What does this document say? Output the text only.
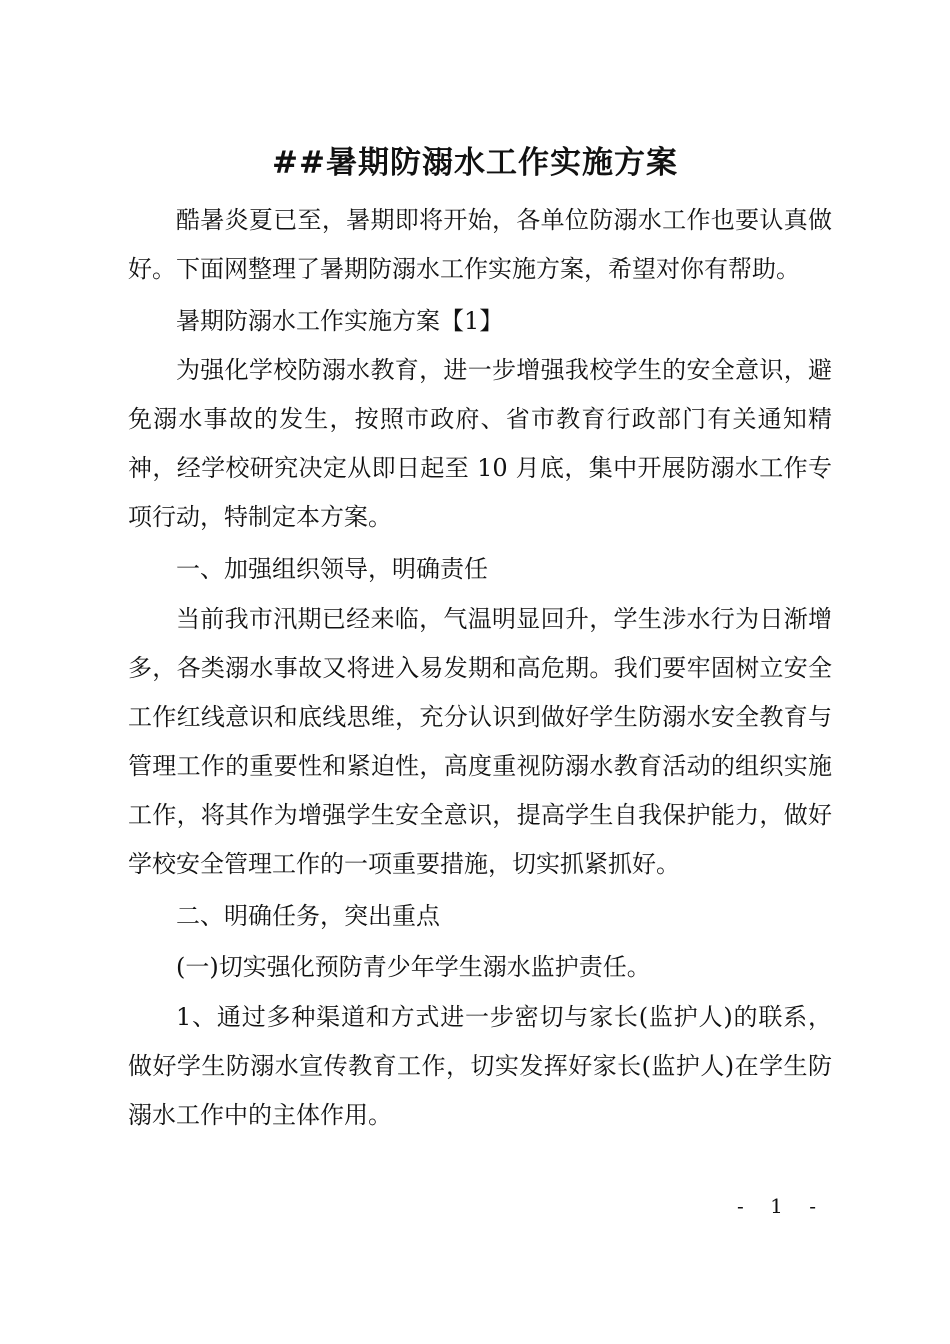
##暑期防溺水工作实施方案

酷暑炎夏已至，暑期即将开始，各单位防溺水工作也要认真做好。下面网整理了暑期防溺水工作实施方案，希望对你有帮助。

暑期防溺水工作实施方案【1】

为强化学校防溺水教育，进一步增强我校学生的安全意识，避免溺水事故的发生，按照市政府、省市教育行政部门有关通知精神，经学校研究决定从即日起至 10 月底，集中开展防溺水工作专项行动，特制定本方案。

一、加强组织领导，明确责任

当前我市汛期已经来临，气温明显回升，学生涉水行为日渐增多，各类溺水事故又将进入易发期和高危期。我们要牢固树立安全工作红线意识和底线思维，充分认识到做好学生防溺水安全教育与管理工作的重要性和紧迫性，高度重视防溺水教育活动的组织实施工作，将其作为增强学生安全意识，提高学生自我保护能力，做好学校安全管理工作的一项重要措施，切实抓紧抓好。

二、明确任务，突出重点

(一)切实强化预防青少年学生溺水监护责任。

1、通过多种渠道和方式进一步密切与家长(监护人)的联系，做好学生防溺水宣传教育工作，切实发挥好家长(监护人)在学生防溺水工作中的主体作用。

- 1 -
